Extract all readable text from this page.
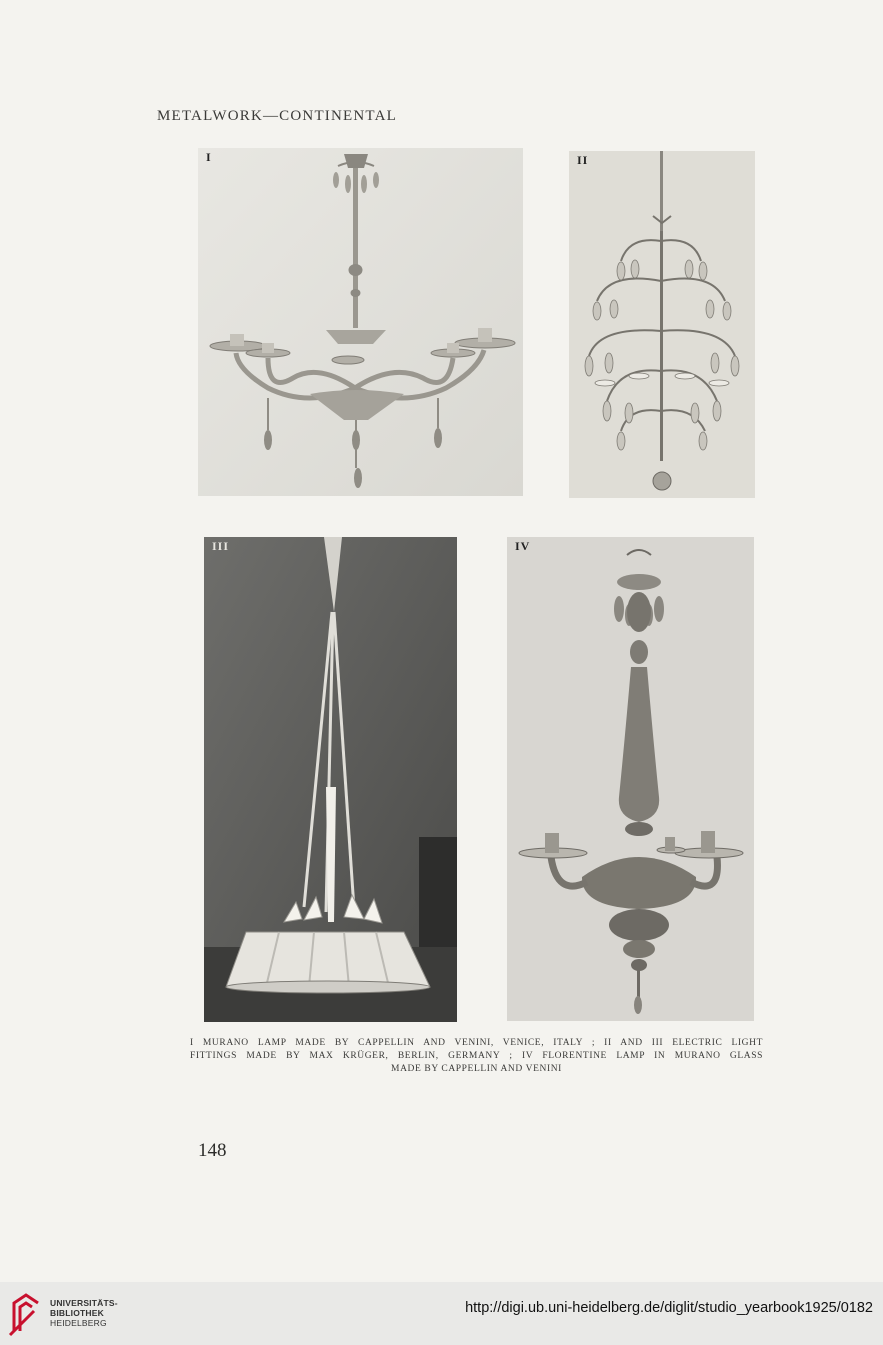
METALWORK—CONTINENTAL
I	II
III	IV
I MURANO LAMP MADE BY CAPPELLIN AND VENINI, VENICE, ITALY ; II AND III ELECTRIC LIGHT
FITTINGS MADE BY MAX KRÜGER, BERLIN, GERMANY ; IV FLORENTINE LAMP IN MURANO GLASS
MADE BY CAPPELLIN AND VENINI
148
UNIVERSITÄTS-
BIBLIOTHEK
HEIDELBERG
http://digi.ub.uni-heidelberg.de/diglit/studio_yearbook1925/0182
